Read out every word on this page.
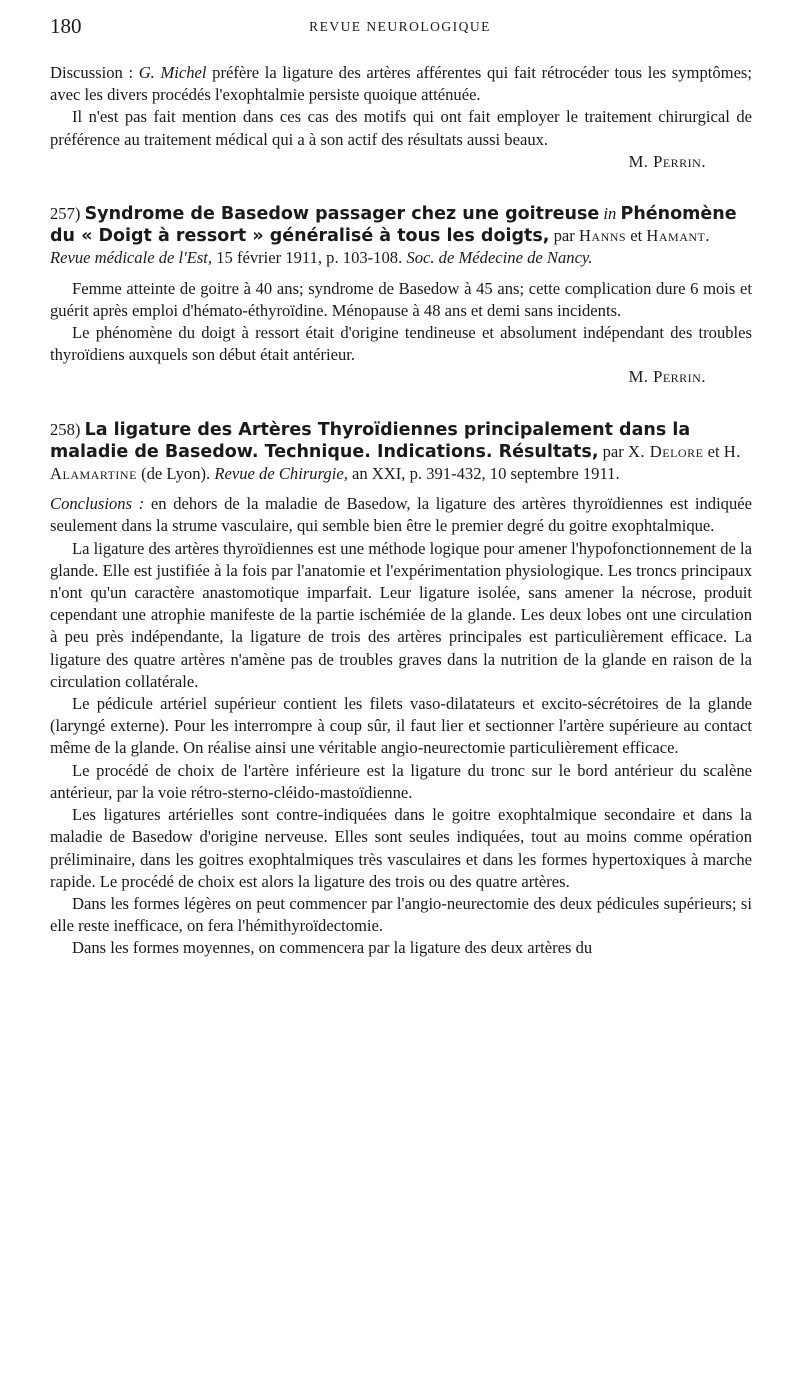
180	REVUE NEUROLOGIQUE

Discussion : G. Michel préfère la ligature des artères afférentes qui fait rétrocéder tous les symptômes; avec les divers procédés l'exophtalmie persiste quoique atténuée.

Il n'est pas fait mention dans ces cas des motifs qui ont fait employer le traitement chirurgical de préférence au traitement médical qui a à son actif des résultats aussi beaux.

M. Perrin.

257) Syndrome de Basedow passager chez une goitreuse in Phénomène du « Doigt à ressort » généralisé à tous les doigts, par Hanns et Hamant. Revue médicale de l'Est, 15 février 1911, p. 103-108. Soc. de Médecine de Nancy.

Femme atteinte de goitre à 40 ans; syndrome de Basedow à 45 ans; cette complication dure 6 mois et guérit après emploi d'hémato-éthyroïdine. Ménopause à 48 ans et demi sans incidents.

Le phénomène du doigt à ressort était d'origine tendineuse et absolument indépendant des troubles thyroïdiens auxquels son début était antérieur.

M. Perrin.

258) La ligature des Artères Thyroïdiennes principalement dans la maladie de Basedow. Technique. Indications. Résultats, par X. Delore et H. Alamartine (de Lyon). Revue de Chirurgie, an XXI, p. 391-432, 10 septembre 1911.

Conclusions : en dehors de la maladie de Basedow, la ligature des artères thyroïdiennes est indiquée seulement dans la strume vasculaire, qui semble bien être le premier degré du goitre exophtalmique.

La ligature des artères thyroïdiennes est une méthode logique pour amener l'hypofonctionnement de la glande. Elle est justifiée à la fois par l'anatomie et l'expérimentation physiologique. Les troncs principaux n'ont qu'un caractère anastomotique imparfait. Leur ligature isolée, sans amener la nécrose, produit cependant une atrophie manifeste de la partie ischémiée de la glande. Les deux lobes ont une circulation à peu près indépendante, la ligature de trois des artères principales est particulièrement efficace. La ligature des quatre artères n'amène pas de troubles graves dans la nutrition de la glande en raison de la circulation collatérale.

Le pédicule artériel supérieur contient les filets vaso-dilatateurs et excito-sécrétoires de la glande (laryngé externe). Pour les interrompre à coup sûr, il faut lier et sectionner l'artère supérieure au contact même de la glande. On réalise ainsi une véritable angio-neurectomie particulièrement efficace.

Le procédé de choix de l'artère inférieure est la ligature du tronc sur le bord antérieur du scalène antérieur, par la voie rétro-sterno-cléido-mastoïdienne.

Les ligatures artérielles sont contre-indiquées dans le goitre exophtalmique secondaire et dans la maladie de Basedow d'origine nerveuse. Elles sont seules indiquées, tout au moins comme opération préliminaire, dans les goitres exophtalmiques très vasculaires et dans les formes hypertoxiques à marche rapide. Le procédé de choix est alors la ligature des trois ou des quatre artères.

Dans les formes légères on peut commencer par l'angio-neurectomie des deux pédicules supérieurs; si elle reste inefficace, on fera l'hémithyroïdectomie.

Dans les formes moyennes, on commencera par la ligature des deux artères du
